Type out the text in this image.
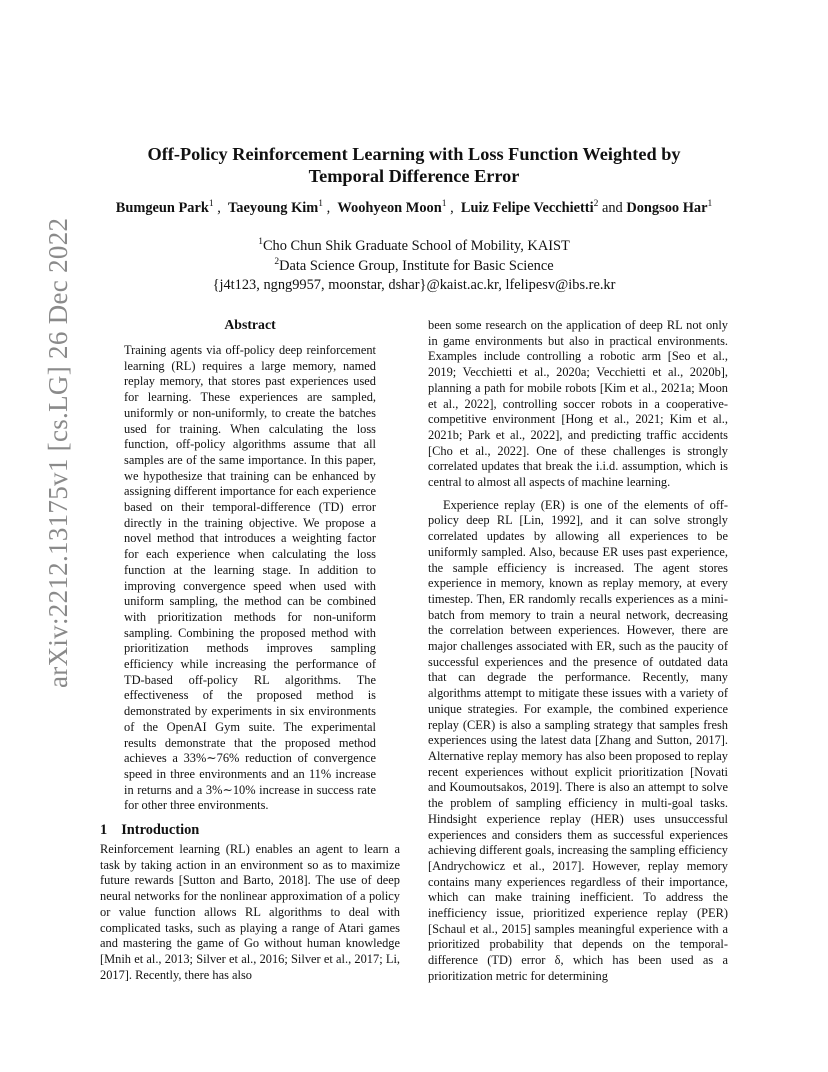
arXiv:2212.13175v1 [cs.LG] 26 Dec 2022
Off-Policy Reinforcement Learning with Loss Function Weighted by
Temporal Difference Error
Bumgeun Park$^1$ ,  Taeyoung Kim$^1$ ,  Woohyeon Moon$^1$ ,  Luiz Felipe Vecchietti$^2$ and Dongsoo Har$^1$
$^1$Cho Chun Shik Graduate School of Mobility, KAIST
$^2$Data Science Group, Institute for Basic Science
{j4t123, ngng9957, moonstar, dshar}@kaist.ac.kr, lfelipesv@ibs.re.kr
Abstract

Training agents via off-policy deep reinforcement learning (RL) requires a large memory, named replay memory, that stores past experiences used for learning. These experiences are sampled, uniformly or non-uniformly, to create the batches used for training. When calculating the loss function, off-policy algorithms assume that all samples are of the same importance. In this paper, we hypothesize that training can be enhanced by assigning different importance for each experience based on their temporal-difference (TD) error directly in the training objective. We propose a novel method that introduces a weighting factor for each experience when calculating the loss function at the learning stage. In addition to improving convergence speed when used with uniform sampling, the method can be combined with prioritization methods for non-uniform sampling. Combining the proposed method with prioritization methods improves sampling efficiency while increasing the performance of TD-based off-policy RL algorithms. The effectiveness of the proposed method is demonstrated by experiments in six environments of the OpenAI Gym suite. The experimental results demonstrate that the proposed method achieves a 33%∼76% reduction of convergence speed in three environments and an 11% increase in returns and a 3%∼10% increase in success rate for other three environments.

1 Introduction

Reinforcement learning (RL) enables an agent to learn a task by taking action in an environment so as to maximize future rewards [Sutton and Barto, 2018]. The use of deep neural networks for the nonlinear approximation of a policy or value function allows RL algorithms to deal with complicated tasks, such as playing a range of Atari games and mastering the game of Go without human knowledge [Mnih et al., 2013; Silver et al., 2016; Silver et al., 2017; Li, 2017]. Recently, there has also

been some research on the application of deep RL not only in game environments but also in practical environments. Examples include controlling a robotic arm [Seo et al., 2019; Vecchietti et al., 2020a; Vecchietti et al., 2020b], planning a path for mobile robots [Kim et al., 2021a; Moon et al., 2022], controlling soccer robots in a cooperative-competitive environment [Hong et al., 2021; Kim et al., 2021b; Park et al., 2022], and predicting traffic accidents [Cho et al., 2022]. One of these challenges is strongly correlated updates that break the i.i.d. assumption, which is central to almost all aspects of machine learning.

Experience replay (ER) is one of the elements of off-policy deep RL [Lin, 1992], and it can solve strongly correlated updates by allowing all experiences to be uniformly sampled. Also, because ER uses past experience, the sample efficiency is increased. The agent stores experience in memory, known as replay memory, at every timestep. Then, ER randomly recalls experiences as a mini-batch from memory to train a neural network, decreasing the correlation between experiences. However, there are major challenges associated with ER, such as the paucity of successful experiences and the presence of outdated data that can degrade the performance. Recently, many algorithms attempt to mitigate these issues with a variety of unique strategies. For example, the combined experience replay (CER) is also a sampling strategy that samples fresh experiences using the latest data [Zhang and Sutton, 2017]. Alternative replay memory has also been proposed to replay recent experiences without explicit prioritization [Novati and Koumoutsakos, 2019]. There is also an attempt to solve the problem of sampling efficiency in multi-goal tasks. Hindsight experience replay (HER) uses unsuccessful experiences and considers them as successful experiences achieving different goals, increasing the sampling efficiency [Andrychowicz et al., 2017]. However, replay memory contains many experiences regardless of their importance, which can make training inefficient. To address the inefficiency issue, prioritized experience replay (PER) [Schaul et al., 2015] samples meaningful experience with a prioritized probability that depends on the temporal-difference (TD) error δ, which has been used as a prioritization metric for determining
